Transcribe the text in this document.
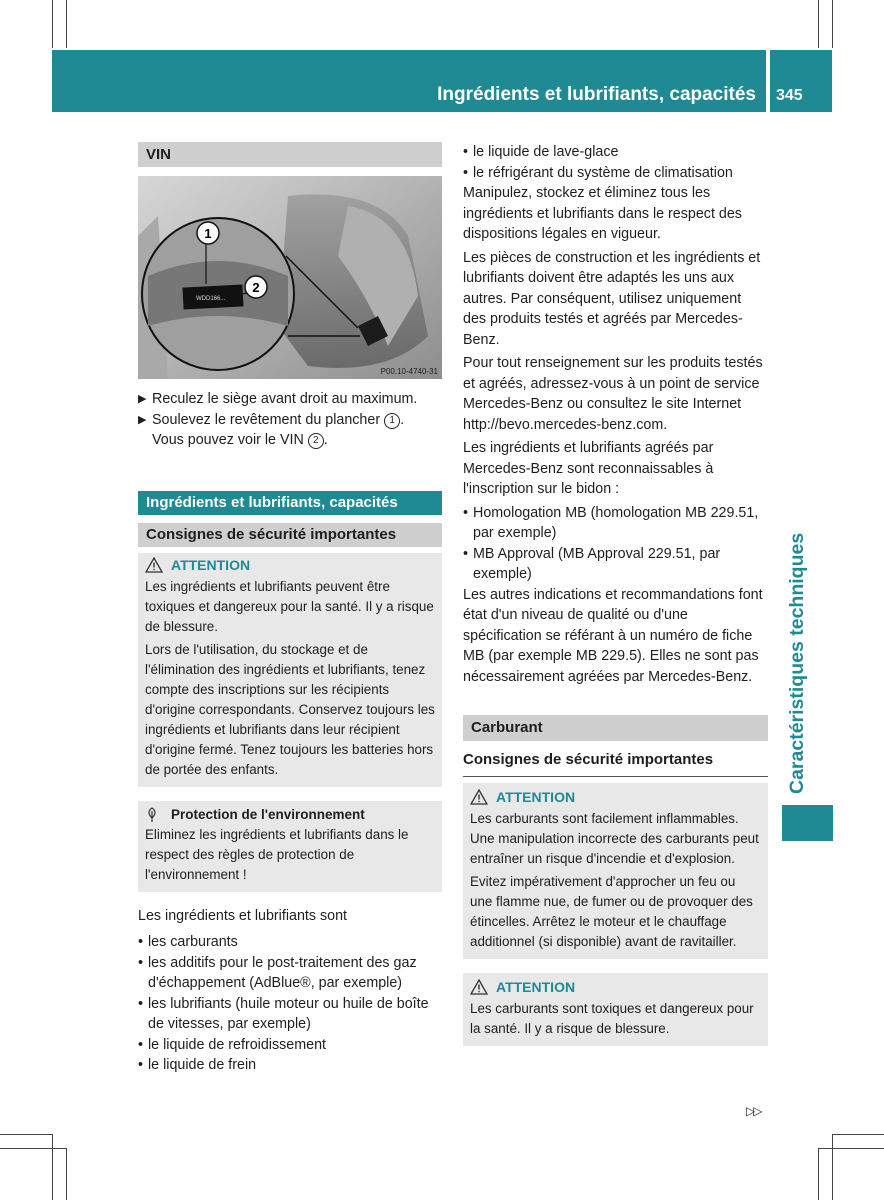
Ingrédients et lubrifiants, capacités 345
Caractéristiques techniques
VIN
WDD166...
1
2
P00.10-4740-31
▶ Reculez le siège avant droit au maximum.
▶ Soulevez le revêtement du plancher 1 .
Vous pouvez voir le VIN 2 .
Ingrédients et lubrifiants, capacités
Consignes de sécurité importantes
ATTENTION

Les ingrédients et lubrifiants peuvent être toxiques et dangereux pour la santé. Il y a risque de blessure.

Lors de l'utilisation, du stockage et de l'élimination des ingrédients et lubrifiants, tenez compte des inscriptions sur les récipients d'origine correspondants. Conservez toujours les ingrédients et lubrifiants dans leur récipient d'origine fermé. Tenez toujours les batteries hors de portée des enfants.

Protection de l'environnement

Eliminez les ingrédients et lubrifiants dans le respect des règles de protection de l'environnement !

Les ingrédients et lubrifiants sont

• les carburants
• les additifs pour le post-traitement des gaz d'échappement (AdBlue®, par exemple)
• les lubrifiants (huile moteur ou huile de boîte de vitesses, par exemple)
• le liquide de refroidissement
• le liquide de frein
• le liquide de lave-glace
• le réfrigérant du système de climatisation

Manipulez, stockez et éliminez tous les ingrédients et lubrifiants dans le respect des dispositions légales en vigueur.

Les pièces de construction et les ingrédients et lubrifiants doivent être adaptés les uns aux autres. Par conséquent, utilisez uniquement des produits testés et agréés par Mercedes-Benz.

Pour tout renseignement sur les produits testés et agréés, adressez-vous à un point de service Mercedes-Benz ou consultez le site Internet http://bevo.mercedes-benz.com.

Les ingrédients et lubrifiants agréés par Mercedes-Benz sont reconnaissables à l'inscription sur le bidon :

• Homologation MB (homologation MB 229.51, par exemple)
• MB Approval (MB Approval 229.51, par exemple)

Les autres indications et recommandations font état d'un niveau de qualité ou d'une spécification se référant à un numéro de fiche MB (par exemple MB 229.5). Elles ne sont pas nécessairement agréées par Mercedes-Benz.

Carburant
Consignes de sécurité importantes
ATTENTION

Les carburants sont facilement inflammables. Une manipulation incorrecte des carburants peut entraîner un risque d'incendie et d'explosion.

Evitez impérativement d'approcher un feu ou une flamme nue, de fumer ou de provoquer des étincelles. Arrêtez le moteur et le chauffage additionnel (si disponible) avant de ravitailler.

ATTENTION

Les carburants sont toxiques et dangereux pour la santé. Il y a risque de blessure.

▷▷
